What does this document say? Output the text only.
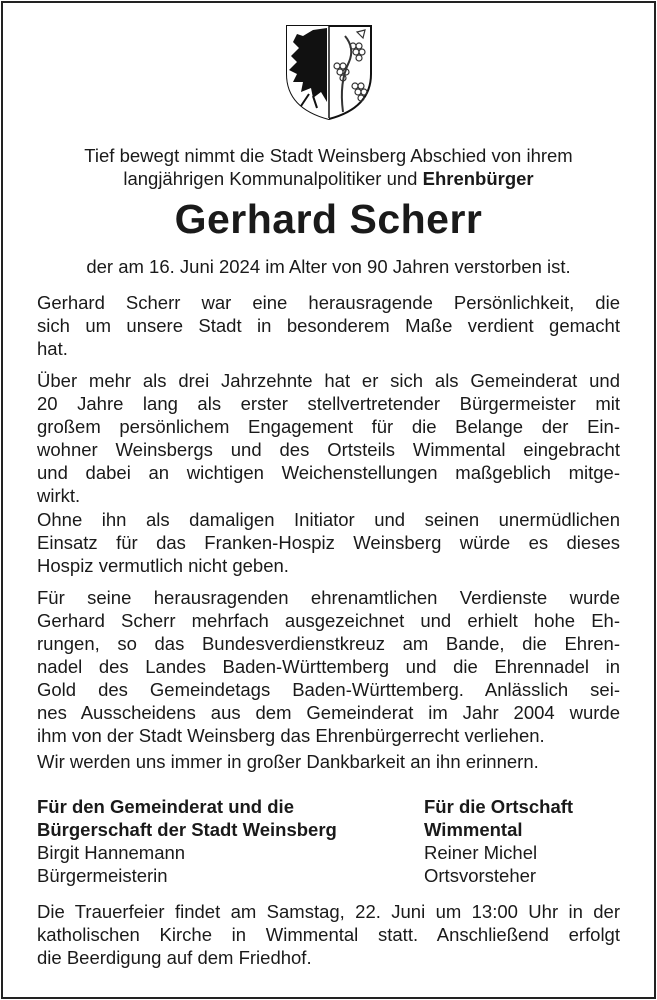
Tief bewegt nimmt die Stadt Weinsberg Abschied von ihrem
langjährigen Kommunalpolitiker und Ehrenbürger
Gerhard Scherr
der am 16. Juni 2024 im Alter von 90 Jahren verstorben ist.
Gerhard Scherr war eine herausragende Persönlichkeit, die
sich um unsere Stadt in besonderem Maße verdient gemacht
hat.
Über mehr als drei Jahrzehnte hat er sich als Gemeinderat und
20 Jahre lang als erster stellvertretender Bürgermeister mit
großem persönlichem Engagement für die Belange der Ein-
wohner Weinsbergs und des Ortsteils Wimmental eingebracht
und dabei an wichtigen Weichenstellungen maßgeblich mitge-
wirkt.
Ohne ihn als damaligen Initiator und seinen unermüdlichen
Einsatz für das Franken-Hospiz Weinsberg würde es dieses
Hospiz vermutlich nicht geben.
Für seine herausragenden ehrenamtlichen Verdienste wurde
Gerhard Scherr mehrfach ausgezeichnet und erhielt hohe Eh-
rungen, so das Bundesverdienstkreuz am Bande, die Ehren-
nadel des Landes Baden-Württemberg und die Ehrennadel in
Gold des Gemeindetags Baden-Württemberg. Anlässlich sei-
nes Ausscheidens aus dem Gemeinderat im Jahr 2004 wurde
ihm von der Stadt Weinsberg das Ehrenbürgerrecht verliehen.
Wir werden uns immer in großer Dankbarkeit an ihn erinnern.
Für den Gemeinderat und die
Bürgerschaft der Stadt Weinsberg
Birgit Hannemann
Bürgermeisterin
Für die Ortschaft
Wimmental
Reiner Michel
Ortsvorsteher
Die Trauerfeier findet am Samstag, 22. Juni um 13:00 Uhr in der
katholischen Kirche in Wimmental statt. Anschließend erfolgt
die Beerdigung auf dem Friedhof.
